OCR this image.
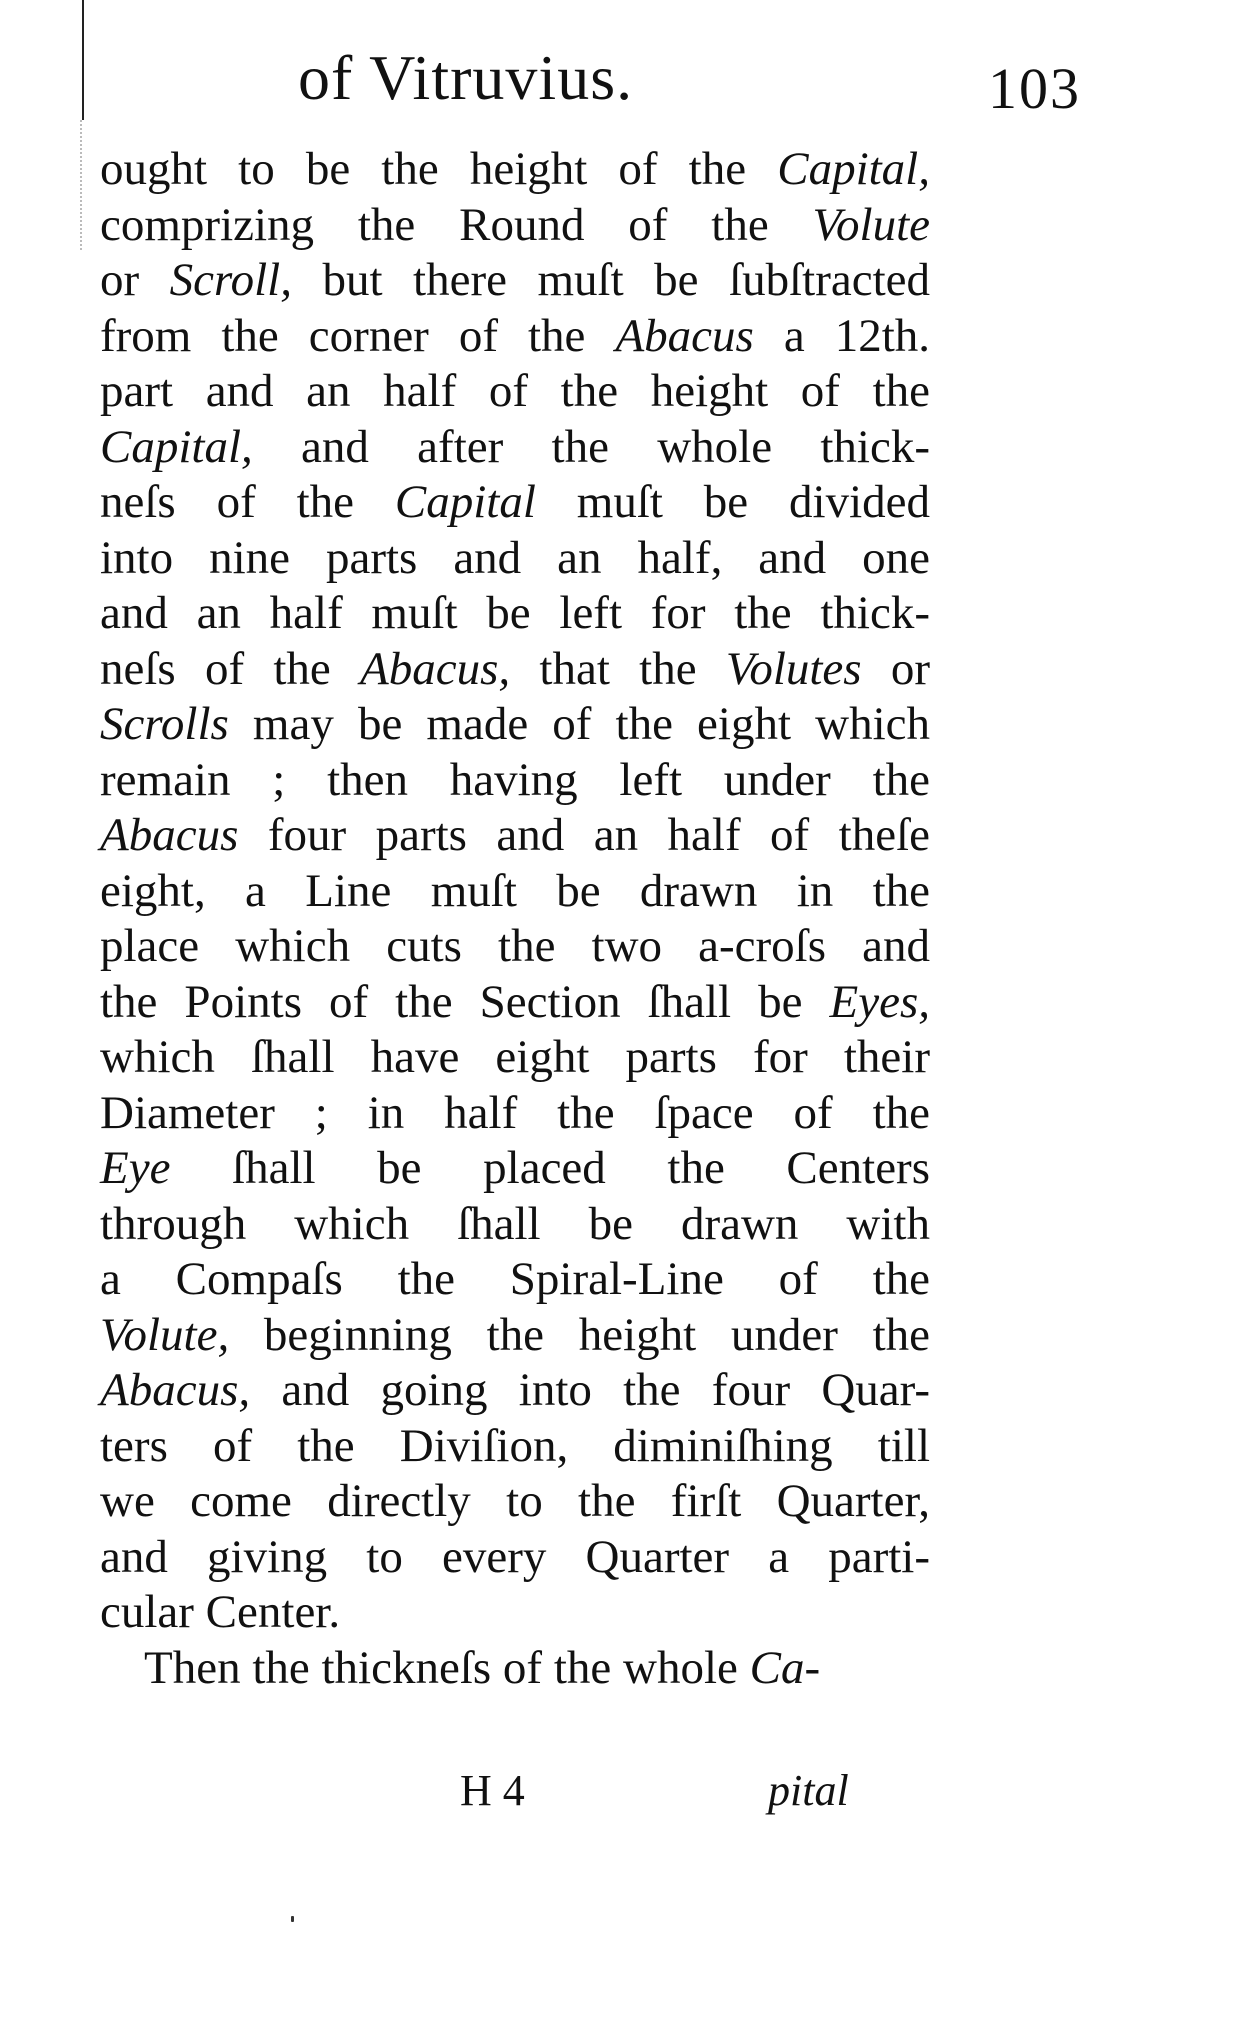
of Vitruvius.	103
ought to be the height of the Capital,
comprizing the Round of the Volute
or Scroll, but there muſt be ſubſtracted
from the corner of the Abacus a 12th.
part and an half of the height of the
Capital, and after the whole thick-
neſs of the Capital muſt be divided
into nine parts and an half, and one
and an half muſt be left for the thick-
neſs of the Abacus, that the Volutes or
Scrolls may be made of the eight which
remain ; then having left under the
Abacus four parts and an half of theſe
eight, a Line muſt be drawn in the
place which cuts the two a-croſs and
the Points of the Section ſhall be Eyes,
which ſhall have eight parts for their
Diameter ; in half the ſpace of the
Eye ſhall be placed the Centers
through which ſhall be drawn with
a Compaſs the Spiral-Line of the
Volute, beginning the height under the
Abacus, and going into the four Quar-
ters of the Diviſion, diminiſhing till
we come directly to the firſt Quarter,
and giving to every Quarter a parti-
cular Center.
Then the thickneſs of the whole Ca-
H 4	pital
